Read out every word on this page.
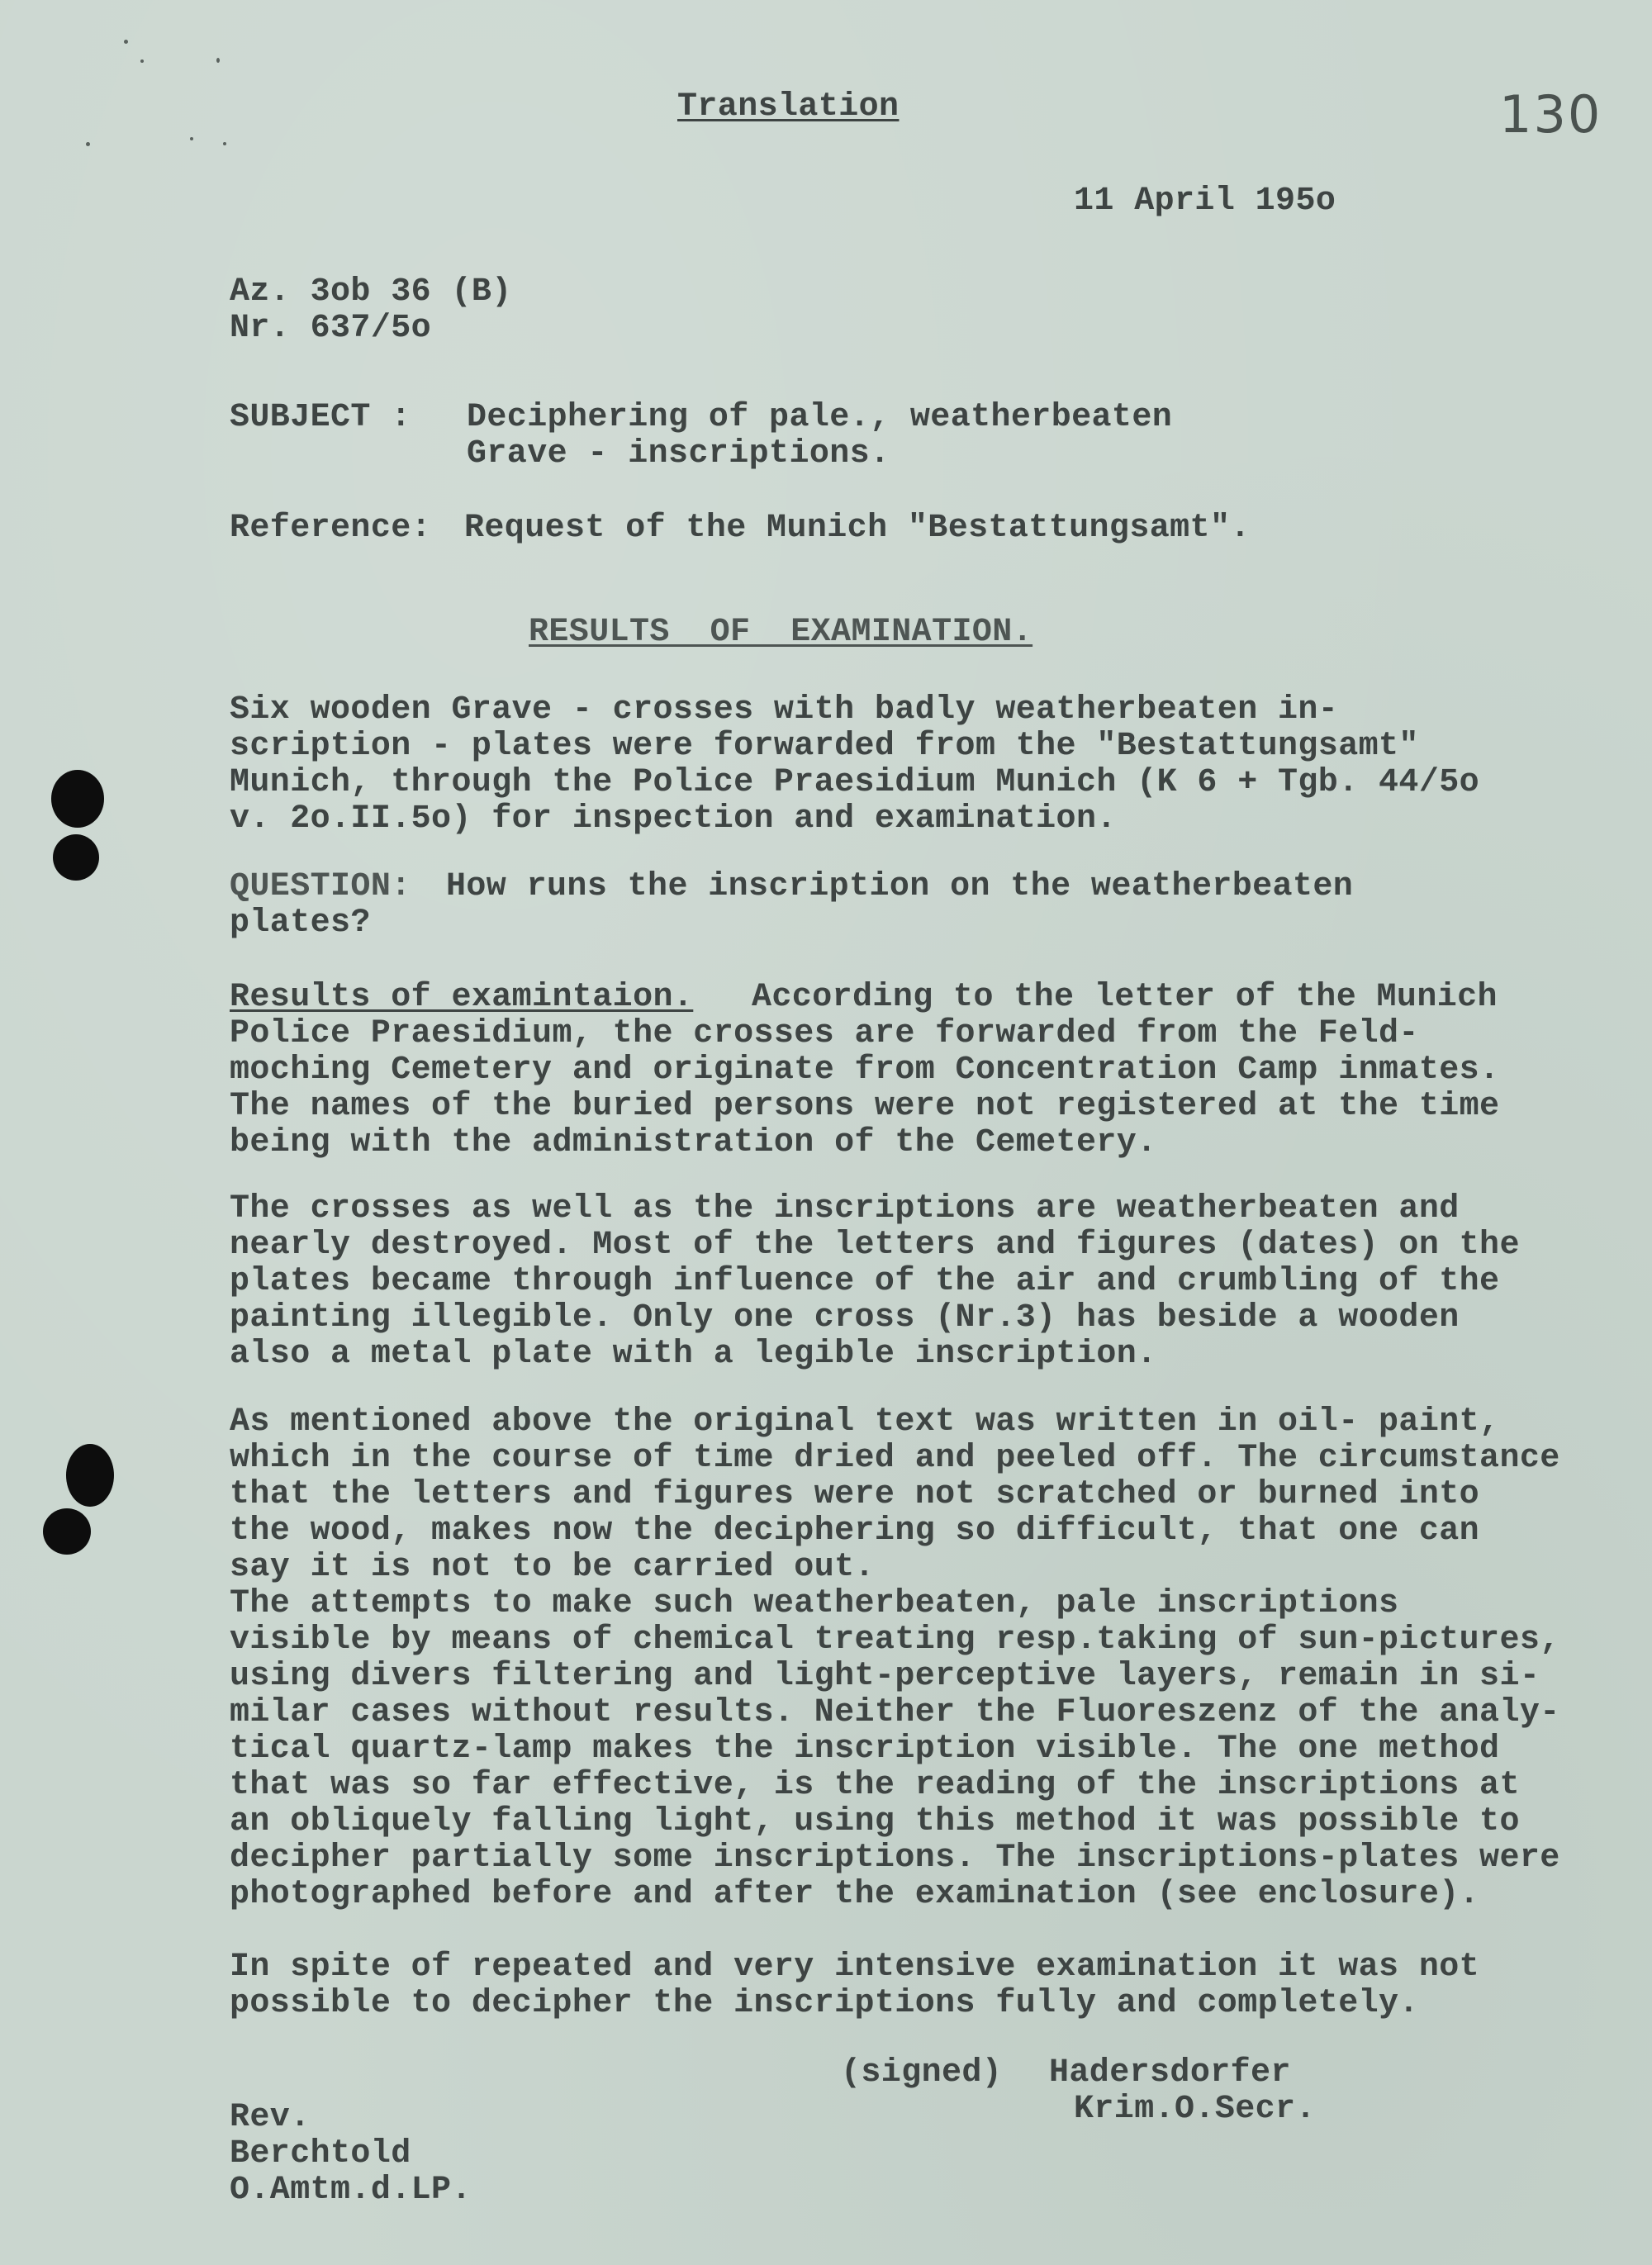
Translation	130
11 April 195o
Az. 3ob 36 (B)
Nr. 637/5o
SUBJECT : Deciphering of pale., weatherbeaten
Grave - inscriptions.
Reference: Request of the Munich "Bestattungsamt".
RESULTS  OF  EXAMINATION.
Six wooden Grave - crosses with badly weatherbeaten in-
scription - plates were forwarded from the "Bestattungsamt"
Munich, through the Police Praesidium Munich (K 6 + Tgb. 44/5o
v. 2o.II.5o) for inspection and examination.
QUESTION: How runs the inscription on the weatherbeaten
plates?
Results of examintaion. According to the letter of the Munich
Police Praesidium, the crosses are forwarded from the Feld-
moching Cemetery and originate from Concentration Camp inmates.
The names of the buried persons were not registered at the time
being with the administration of the Cemetery.
The crosses as well as the inscriptions are weatherbeaten and
nearly destroyed. Most of the letters and figures (dates) on the
plates became through influence of the air and crumbling of the
painting illegible. Only one cross (Nr.3) has beside a wooden
also a metal plate with a legible inscription.
As mentioned above the original text was written in oil- paint,
which in the course of time dried and peeled off. The circumstance
that the letters and figures were not scratched or burned into
the wood, makes now the deciphering so difficult, that one can
say it is not to be carried out.
The attempts to make such weatherbeaten, pale inscriptions
visible by means of chemical treating resp.taking of sun-pictures,
using divers filtering and light-perceptive layers, remain in si-
milar cases without results. Neither the Fluoreszenz of the analy-
tical quartz-lamp makes the inscription visible. The one method
that was so far effective, is the reading of the inscriptions at
an obliquely falling light, using this method it was possible to
decipher partially some inscriptions. The inscriptions-plates were
photographed before and after the examination (see enclosure).
In spite of repeated and very intensive examination it was not
possible to decipher the inscriptions fully and completely.
(signed) Hadersdorfer
Krim.O.Secr.
Rev.
Berchtold
O.Amtm.d.LP.
